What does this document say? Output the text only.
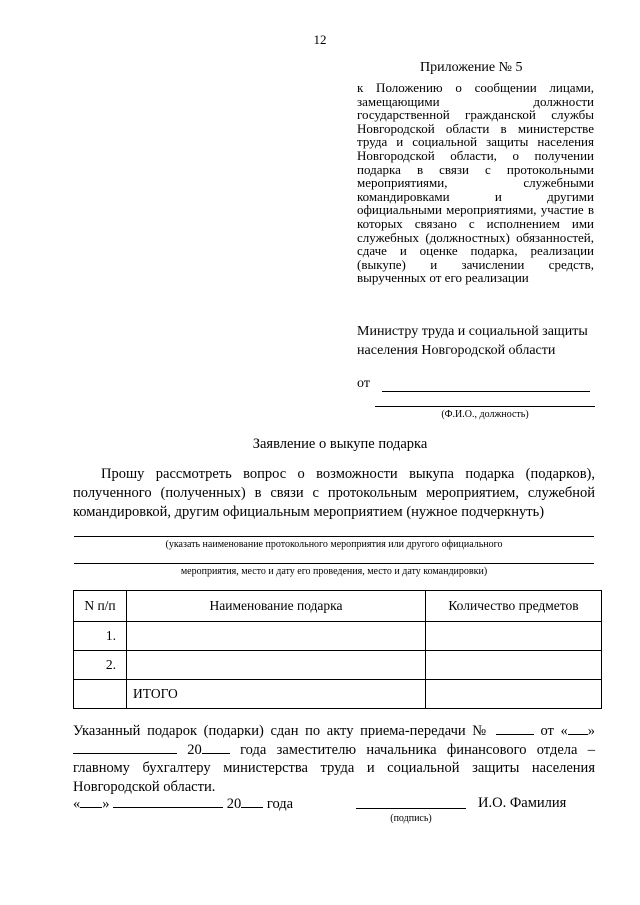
12
Приложение № 5
к Положению о сообщении лицами, замещающими должности государственной гражданской службы Новгородской области в министерстве труда и социальной защиты населения Новгородской области, о получении подарка в связи с протокольными мероприятиями, служебными командировками и другими официальными мероприятиями, участие в которых связано с исполнением ими служебных (должностных) обязанностей, сдаче и оценке подарка, реализации (выкупе) и зачислении средств, вырученных от его реализации
Министру труда и социальной защиты населения Новгородской области
от
(Ф.И.О., должность)
Заявление о выкупе подарка
Прошу рассмотреть вопрос о возможности выкупа подарка (подарков), полученного (полученных) в связи с протокольным мероприятием, служебной командировкой, другим официальным мероприятием (нужное подчеркнуть)
(указать наименование протокольного мероприятия или другого официального
мероприятия, место и дату его проведения, место и дату командировки)
N п/п	Наименование подарка	Количество предметов
1.		
2.		
	ИТОГО	
Указанный подарок (подарки) сдан по акту приема-передачи №	от « »  20	года заместителю начальника финансового отдела – главному бухгалтеру министерства труда и социальной защиты населения Новгородской области.
« »	20 года	И.О. Фамилия
(подпись)
